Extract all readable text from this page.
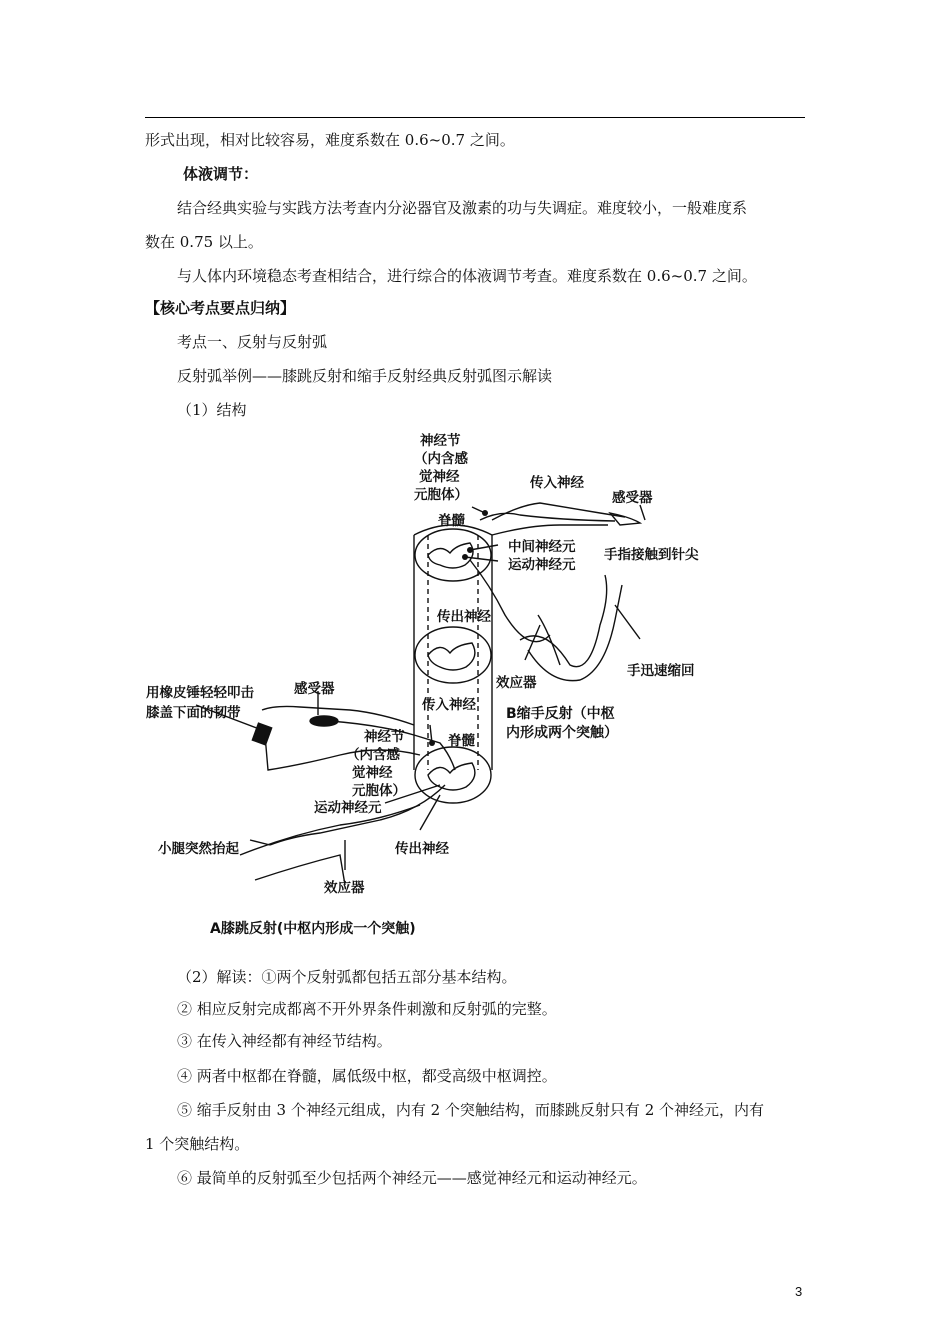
形式出现，相对比较容易，难度系数在 0.6~0.7 之间。
体液调节：
结合经典实验与实践方法考查内分泌器官及激素的功与失调症。难度较小，一般难度系
数在 0.75 以上。
与人体内环境稳态考查相结合，进行综合的体液调节考查。难度系数在 0.6~0.7 之间。
【核心考点要点归纳】
考点一、反射与反射弧
反射弧举例——膝跳反射和缩手反射经典反射弧图示解读
（1）结构
神经节
（内含感
觉神经
元胞体）
传入神经
感受器
脊髓
中间神经元
运动神经元
手指接触到针尖
传出神经
效应器
手迅速缩回
B缩手反射（中枢
内形成两个突触）
用橡皮锤轻轻叩击
膝盖下面的韧带
感受器
传入神经
神经节
（内含感
觉神经
元胞体）
脊髓
运动神经元
传出神经
小腿突然抬起
效应器
A膝跳反射(中枢内形成一个突触)
（2）解读：①两个反射弧都包括五部分基本结构。
② 相应反射完成都离不开外界条件刺激和反射弧的完整。
③ 在传入神经都有神经节结构。
④ 两者中枢都在脊髓，属低级中枢，都受高级中枢调控。
⑤ 缩手反射由 3 个神经元组成，内有 2 个突触结构，而膝跳反射只有 2 个神经元，内有
1 个突触结构。
⑥ 最简单的反射弧至少包括两个神经元——感觉神经元和运动神经元。
3
